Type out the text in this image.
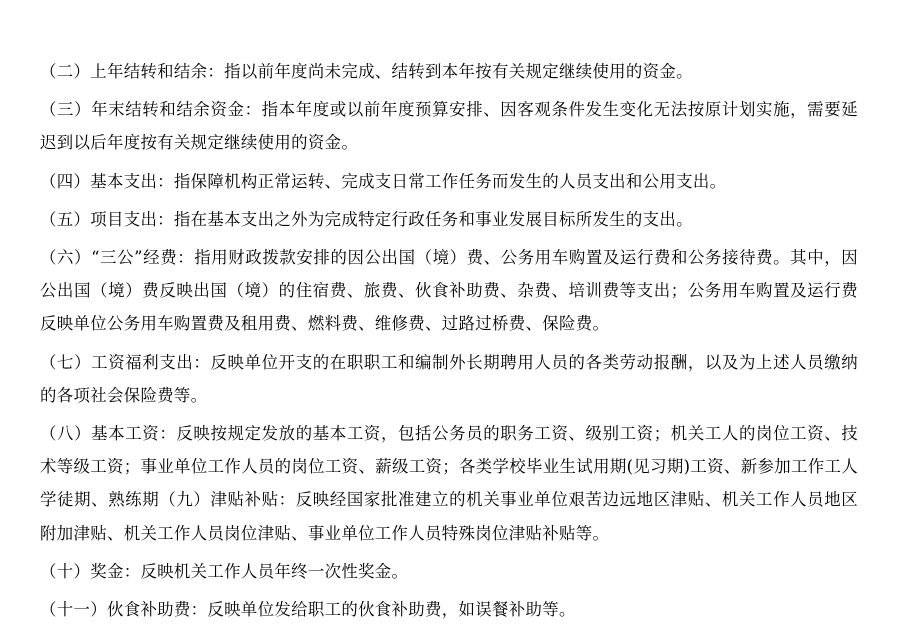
（二）上年结转和结余：指以前年度尚未完成、结转到本年按有关规定继续使用的资金。

（三）年末结转和结余资金：指本年度或以前年度预算安排、因客观条件发生变化无法按原计划实施，需要延迟到以后年度按有关规定继续使用的资金。

（四）基本支出：指保障机构正常运转、完成支日常工作任务而发生的人员支出和公用支出。

（五）项目支出：指在基本支出之外为完成特定行政任务和事业发展目标所发生的支出。

（六）“三公”经费：指用财政拨款安排的因公出国（境）费、公务用车购置及运行费和公务接待费。其中，因公出国（境）费反映出国（境）的住宿费、旅费、伙食补助费、杂费、培训费等支出；公务用车购置及运行费反映单位公务用车购置费及租用费、燃料费、维修费、过路过桥费、保险费。

（七）工资福利支出：反映单位开支的在职职工和编制外长期聘用人员的各类劳动报酬，以及为上述人员缴纳的各项社会保险费等。

（八）基本工资：反映按规定发放的基本工资，包括公务员的职务工资、级别工资；机关工人的岗位工资、技术等级工资；事业单位工作人员的岗位工资、薪级工资；各类学校毕业生试用期(见习期)工资、新参加工作工人学徒期、熟练期（九）津贴补贴：反映经国家批准建立的机关事业单位艰苦边远地区津贴、机关工作人员地区附加津贴、机关工作人员岗位津贴、事业单位工作人员特殊岗位津贴补贴等。

（十）奖金：反映机关工作人员年终一次性奖金。

（十一）伙食补助费：反映单位发给职工的伙食补助费，如误餐补助等。
